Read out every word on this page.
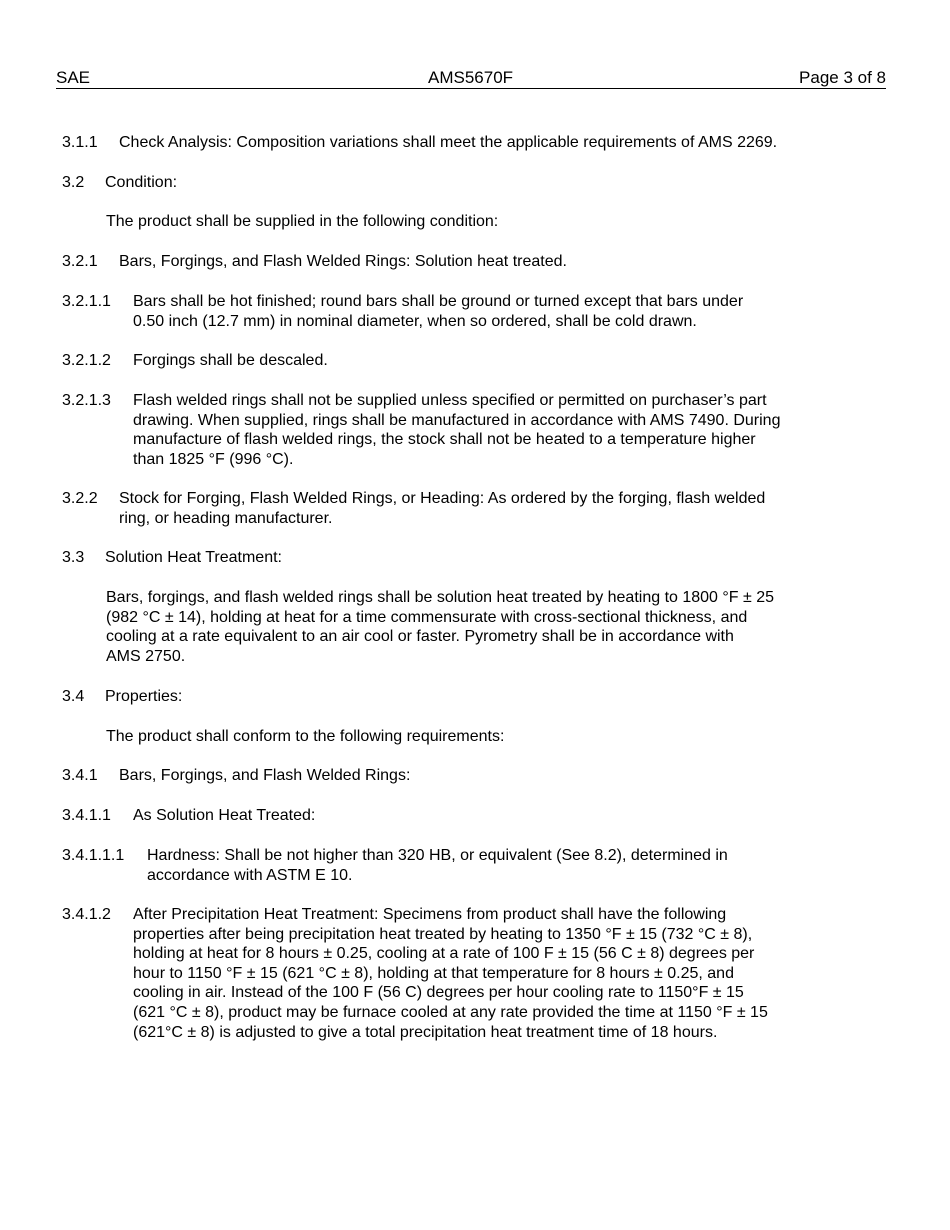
SAE	AMS5670F	Page 3 of 8
3.1.1 Check Analysis: Composition variations shall meet the applicable requirements of AMS 2269.
3.2 Condition:
The product shall be supplied in the following condition:
3.2.1 Bars, Forgings, and Flash Welded Rings: Solution heat treated.
3.2.1.1 Bars shall be hot finished; round bars shall be ground or turned except that bars under
0.50 inch (12.7 mm) in nominal diameter, when so ordered, shall be cold drawn.
3.2.1.2 Forgings shall be descaled.
3.2.1.3 Flash welded rings shall not be supplied unless specified or permitted on purchaser’s part
drawing. When supplied, rings shall be manufactured in accordance with AMS 7490. During
manufacture of flash welded rings, the stock shall not be heated to a temperature higher
than 1825 °F (996 °C).
3.2.2 Stock for Forging, Flash Welded Rings, or Heading: As ordered by the forging, flash welded
ring, or heading manufacturer.
3.3 Solution Heat Treatment:
Bars, forgings, and flash welded rings shall be solution heat treated by heating to 1800 °F ± 25
(982 °C ± 14), holding at heat for a time commensurate with cross-sectional thickness, and
cooling at a rate equivalent to an air cool or faster. Pyrometry shall be in accordance with
AMS 2750.
3.4 Properties:
The product shall conform to the following requirements:
3.4.1 Bars, Forgings, and Flash Welded Rings:
3.4.1.1 As Solution Heat Treated:
3.4.1.1.1 Hardness: Shall be not higher than 320 HB, or equivalent (See 8.2), determined in
accordance with ASTM E 10.
3.4.1.2 After Precipitation Heat Treatment: Specimens from product shall have the following
properties after being precipitation heat treated by heating to 1350 °F ± 15 (732 °C ± 8),
holding at heat for 8 hours ± 0.25, cooling at a rate of 100 F ± 15 (56 C ± 8) degrees per
hour to 1150 °F ± 15 (621 °C ± 8), holding at that temperature for 8 hours ± 0.25, and
cooling in air. Instead of the 100 F (56 C) degrees per hour cooling rate to 1150°F ± 15
(621 °C ± 8), product may be furnace cooled at any rate provided the time at 1150 °F ± 15
(621°C ± 8) is adjusted to give a total precipitation heat treatment time of 18 hours.
